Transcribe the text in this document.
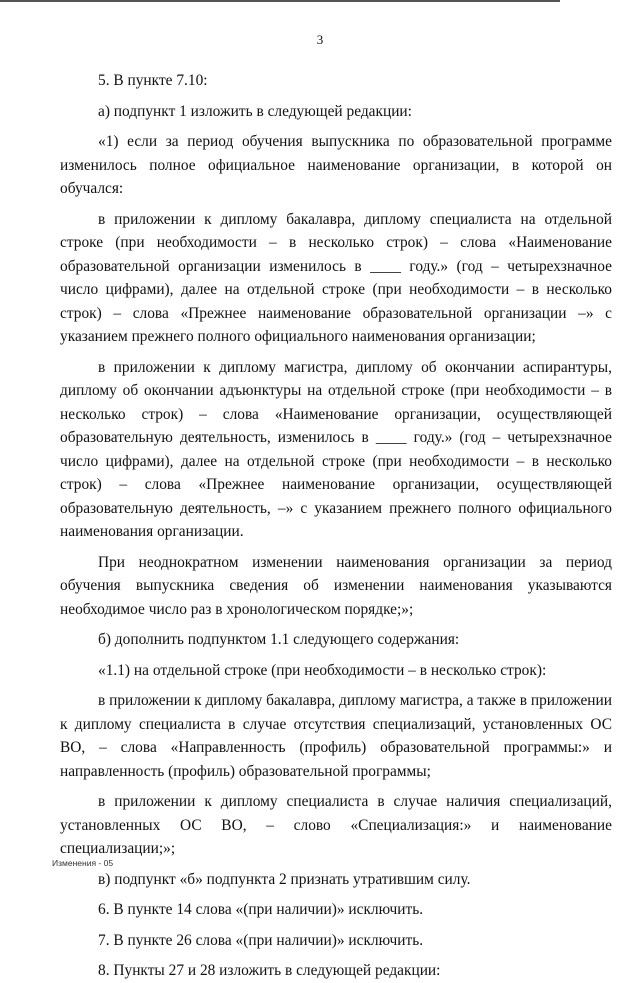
3

5. В пункте 7.10:

а) подпункт 1 изложить в следующей редакции:

«1) если за период обучения выпускника по образовательной программе изменилось полное официальное наименование организации, в которой он обучался:

в приложении к диплому бакалавра, диплому специалиста на отдельной строке (при необходимости – в несколько строк) – слова «Наименование образовательной организации изменилось в ____ году.» (год – четырехзначное число цифрами), далее на отдельной строке (при необходимости – в несколько строк) – слова «Прежнее наименование образовательной организации –» с указанием прежнего полного официального наименования организации;

в приложении к диплому магистра, диплому об окончании аспирантуры, диплому об окончании адъюнктуры на отдельной строке (при необходимости – в несколько строк) – слова «Наименование организации, осуществляющей образовательную деятельность, изменилось в ____ году.» (год – четырехзначное число цифрами), далее на отдельной строке (при необходимости – в несколько строк) – слова «Прежнее наименование организации, осуществляющей образовательную деятельность, –» с указанием прежнего полного официального наименования организации.

При неоднократном изменении наименования организации за период обучения выпускника сведения об изменении наименования указываются необходимое число раз в хронологическом порядке;»;

б) дополнить подпунктом 1.1 следующего содержания:

«1.1) на отдельной строке (при необходимости – в несколько строк):

в приложении к диплому бакалавра, диплому магистра, а также в приложении к диплому специалиста в случае отсутствия специализаций, установленных ОС ВО, – слова «Направленность (профиль) образовательной программы:» и направленность (профиль) образовательной программы;

в приложении к диплому специалиста в случае наличия специализаций, установленных ОС ВО, – слово «Специализация:» и наименование специализации;»;

в) подпункт «б» подпункта 2 признать утратившим силу.

6. В пункте 14 слова «(при наличии)» исключить.

7. В пункте 26 слова «(при наличии)» исключить.

8. Пункты 27 и 28 изложить в следующей редакции:

Изменения - 05
